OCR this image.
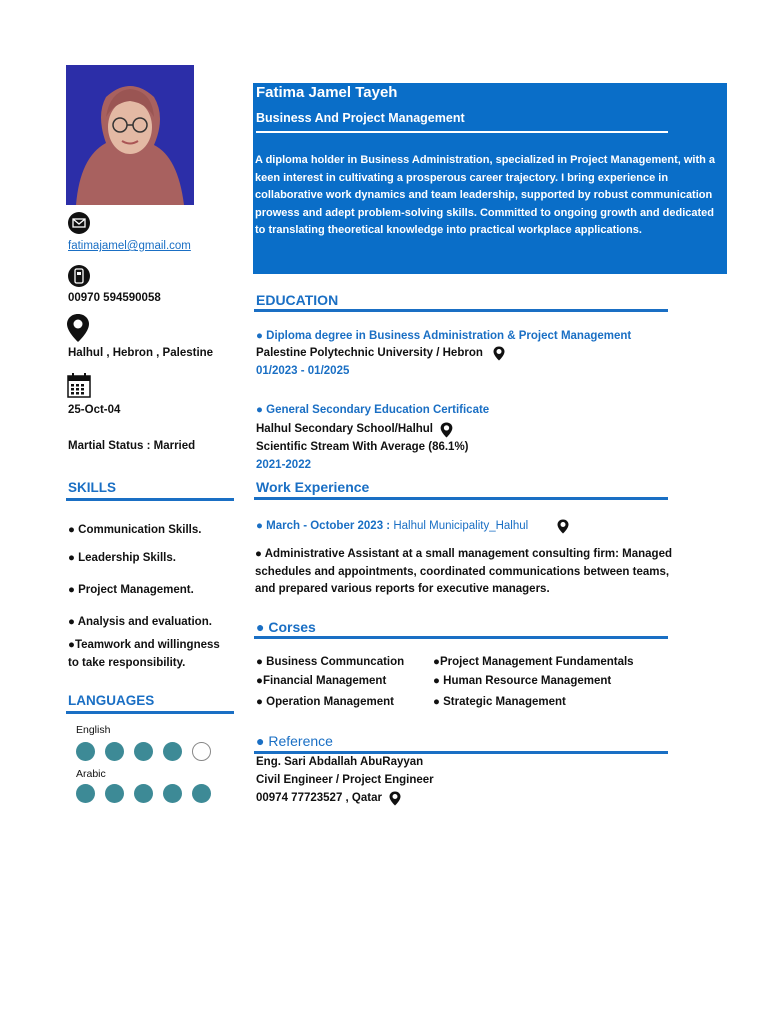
fatimajamel@gmail.com
00970 594590058
Halhul , Hebron , Palestine
25-Oct-04
Martial Status : Married
SKILLS
● Communication Skills.
● Leadership Skills.
● Project Management.
● Analysis and evaluation.
●Teamwork and willingness
to take responsibility.
LANGUAGES
English
Arabic
Fatima Jamel Tayeh
Business And Project Management
A diploma holder in Business Administration, specialized in Project Management, with a keen interest in cultivating a prosperous career trajectory. I bring experience in collaborative work dynamics and team leadership, supported by robust communication prowess and adept problem-solving skills. Committed to ongoing growth and dedicated to translating theoretical knowledge into practical workplace applications.
EDUCATION
● Diploma degree in Business Administration & Project Management
Palestine Polytechnic University / Hebron
01/2023 - 01/2025
● General Secondary Education Certificate
Halhul Secondary School/Halhul
Scientific Stream With Average (86.1%)
2021-2022
Work Experience
● March - October 2023 : Halhul Municipality_Halhul
● Administrative Assistant at a small management consulting firm: Managed schedules and appointments, coordinated communications between teams, and prepared various reports for executive managers.
● Corses
● Business Communcation
●Financial Management
● Operation Management
●Project Management Fundamentals
● Human Resource Management
● Strategic Management
● Reference
Eng. Sari Abdallah AbuRayyan
Civil Engineer / Project Engineer
00974 77723527 , Qatar
